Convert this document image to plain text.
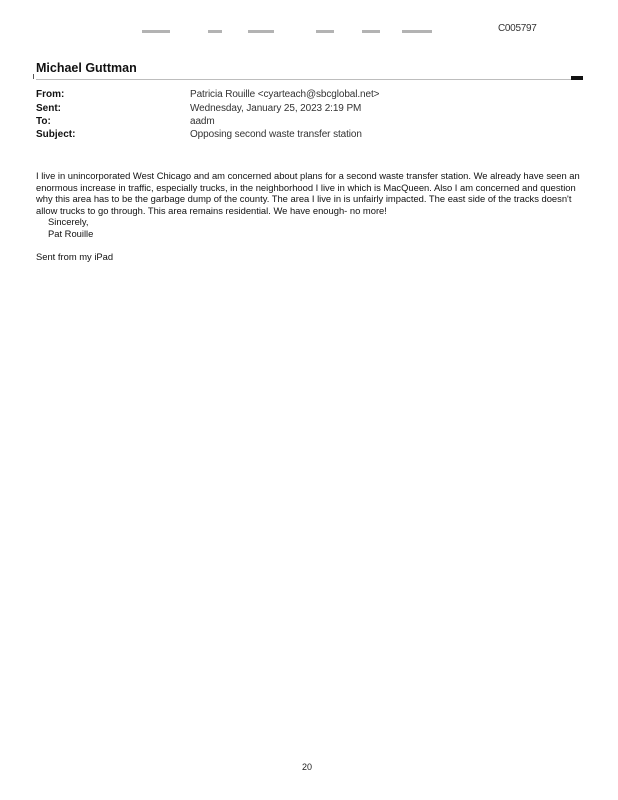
C005797
Michael Guttman
From:	Patricia Rouille <cyarteach@sbcglobal.net>
Sent:	Wednesday, January 25, 2023 2:19 PM
To:	aadm
Subject:	Opposing second waste transfer station

I live in unincorporated West Chicago and am concerned about plans for a second waste transfer station. We already have seen an enormous increase in traffic, especially trucks, in the neighborhood I live in which is MacQueen. Also I am concerned and question why this area has to be the garbage dump of the county. The area I live in is unfairly impacted. The east side of the tracks doesn't allow trucks to go through. This area remains residential. We have enough- no more!

Sincerely,

Pat Rouille

Sent from my iPad
20
